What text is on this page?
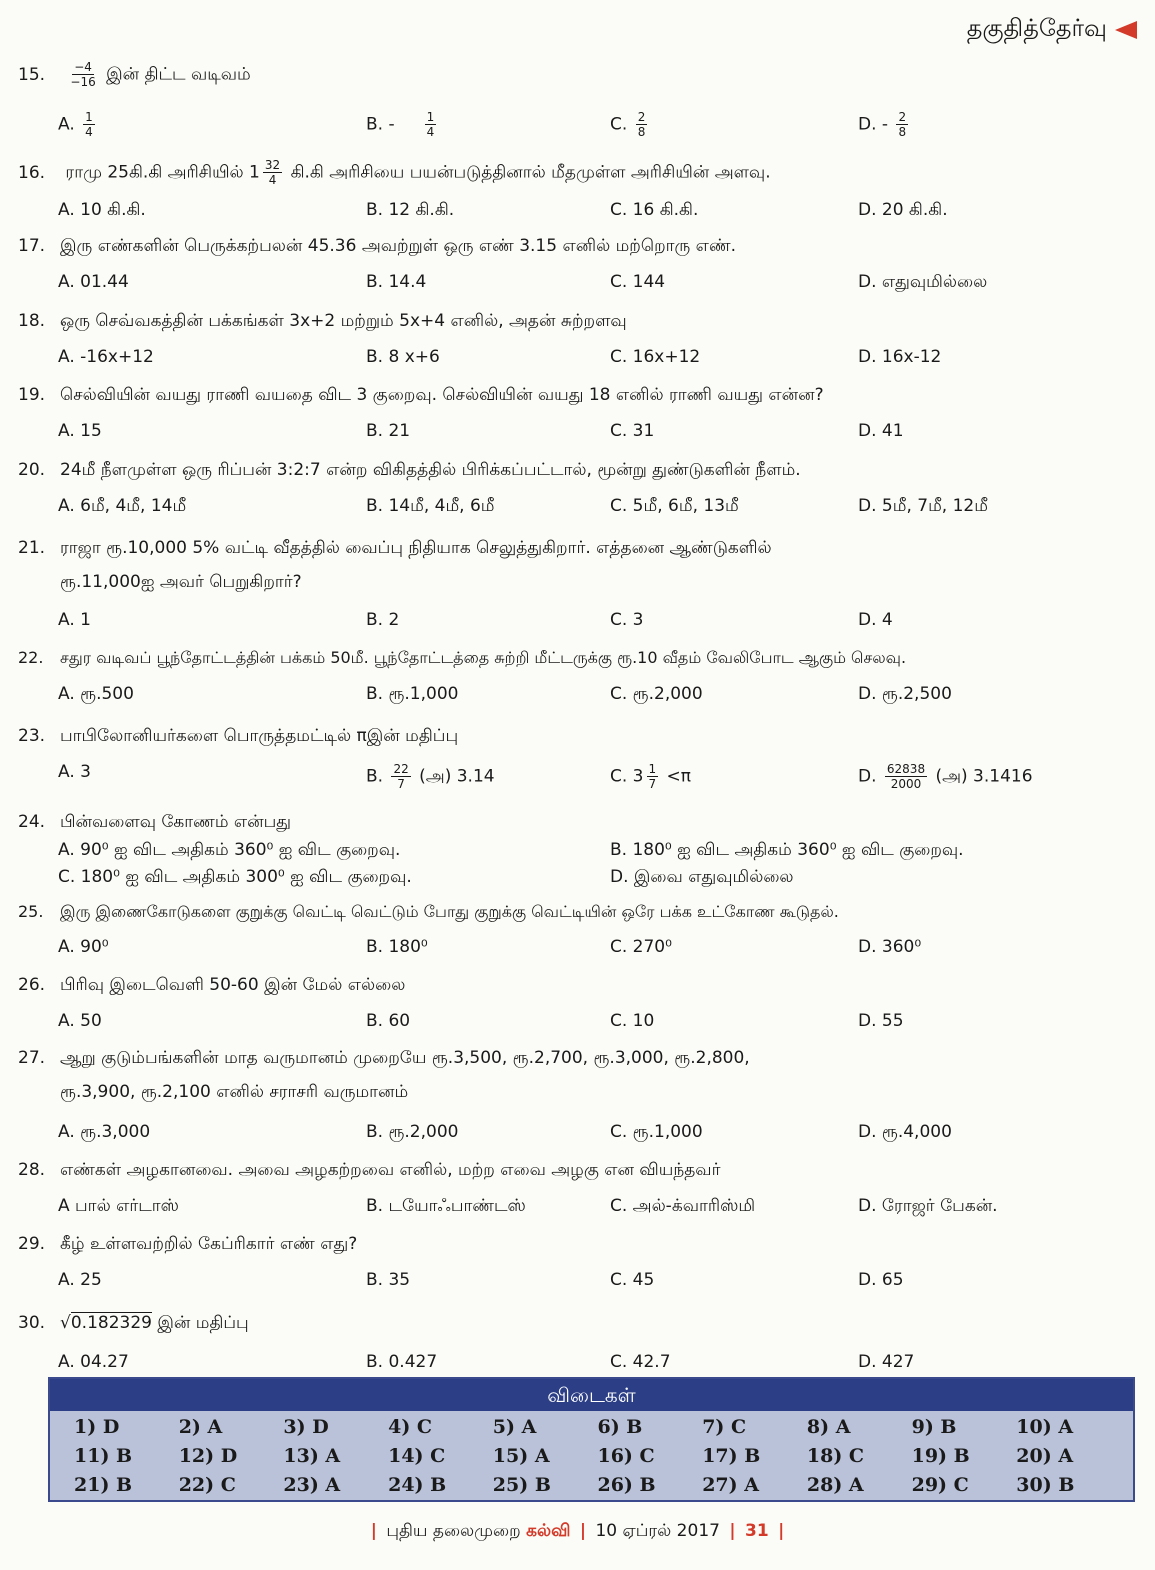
தகுதித்தேர்வு
15. $\frac{-4}{-16}$ இன் திட்ட வடிவம்
A. $\frac{1}{4}$	B. -	$\frac{1}{4}$	C. $\frac{2}{8}$	D. - $\frac{2}{8}$
16. ராமு 25கி.கி அரிசியில் $1 \frac{32}{4}$ கி.கி அரிசியை பயன்படுத்தினால் மீதமுள்ள அரிசியின் அளவு.
A. 10 கி.கி.	B. 12 கி.கி.	C. 16 கி.கி.	D. 20 கி.கி.
17. இரு எண்களின் பெருக்கற்பலன் 45.36 அவற்றுள் ஒரு எண் 3.15 எனில் மற்றொரு எண்.
A. 01.44	B. 14.4	C. 144	D. எதுவுமில்லை
18. ஒரு செவ்வகத்தின் பக்கங்கள் 3x+2 மற்றும் 5x+4 எனில், அதன் சுற்றளவு
A. -16x+12	B. 8 x+6	C. 16x+12	D. 16x-12
19. செல்வியின் வயது ராணி வயதை விட 3 குறைவு. செல்வியின் வயது 18 எனில் ராணி வயது என்ன?
A. 15	B. 21	C. 31	D. 41
20. 24மீ நீளமுள்ள ஒரு ரிப்பன் 3:2:7 என்ற விகிதத்தில் பிரிக்கப்பட்டால், மூன்று துண்டுகளின் நீளம்.
A. 6மீ, 4மீ, 14மீ	B. 14மீ, 4மீ, 6மீ	C. 5மீ, 6மீ, 13மீ	D. 5மீ, 7மீ, 12மீ
21. ராஜா ரூ.10,000 5% வட்டி வீதத்தில் வைப்பு நிதியாக செலுத்துகிறார். எத்தனை ஆண்டுகளில்
ரூ.11,000ஐ அவர் பெறுகிறார்?
A. 1	B. 2	C. 3	D. 4
22. சதுர வடிவப் பூந்தோட்டத்தின் பக்கம் 50மீ. பூந்தோட்டத்தை சுற்றி மீட்டருக்கு ரூ.10 வீதம் வேலிபோட ஆகும் செலவு.
A. ரூ.500	B. ரூ.1,000	C. ரூ.2,000	D. ரூ.2,500
23. பாபிலோனியர்களை பொருத்தமட்டில் πஇன் மதிப்பு
A. 3	B. $\frac{22}{7}$ (அ) 3.14	C. $3 \frac{1}{7} <\pi$	D. $\frac{62838}{2000}$ (அ) 3.1416
24. பின்வளைவு கோணம் என்பது
A. 90⁰ ஐ விட அதிகம் 360⁰ ஐ விட குறைவு.	B. 180⁰ ஐ விட அதிகம் 360⁰ ஐ விட குறைவு.
C. 180⁰ ஐ விட அதிகம் 300⁰ ஐ விட குறைவு.	D. இவை எதுவுமில்லை
25. இரு இணைகோடுகளை குறுக்கு வெட்டி வெட்டும் போது குறுக்கு வெட்டியின் ஒரே பக்க உட்கோண கூடுதல்.
A. 90⁰	B. 180⁰	C. 270⁰	D. 360⁰
26. பிரிவு இடைவெளி 50-60 இன் மேல் எல்லை
A. 50	B. 60	C. 10	D. 55
27. ஆறு குடும்பங்களின் மாத வருமானம் முறையே ரூ.3,500, ரூ.2,700, ரூ.3,000, ரூ.2,800,
ரூ.3,900, ரூ.2,100 எனில் சராசரி வருமானம்
A. ரூ.3,000	B. ரூ.2,000	C. ரூ.1,000	D. ரூ.4,000
28. எண்கள் அழகானவை. அவை அழகற்றவை எனில், மற்ற எவை அழகு என வியந்தவர்
A பால் எர்டாஸ்	B. டயோஃபாண்டஸ்	C. அல்-க்வாரிஸ்மி	D. ரோஜர் பேகன்.
29. கீழ் உள்ளவற்றில் கேப்ரிகார் எண் எது?
A. 25	B. 35	C. 45	D. 65
30. √0.182329 இன் மதிப்பு
A. 04.27	B. 0.427	C. 42.7	D. 427
விடைகள்
1) D	2) A	3) D	4) C	5) A	6) B	7) C	8) A	9) B	10) A
11) B	12) D	13) A	14) C	15) A	16) C	17) B	18) C	19) B	20) A
21) B	22) C	23) A	24) B	25) B	26) B	27) A	28) A	29) C	30) B
| புதிய தலைமுறை கல்வி | 10 ஏப்ரல் 2017 | 31 |
